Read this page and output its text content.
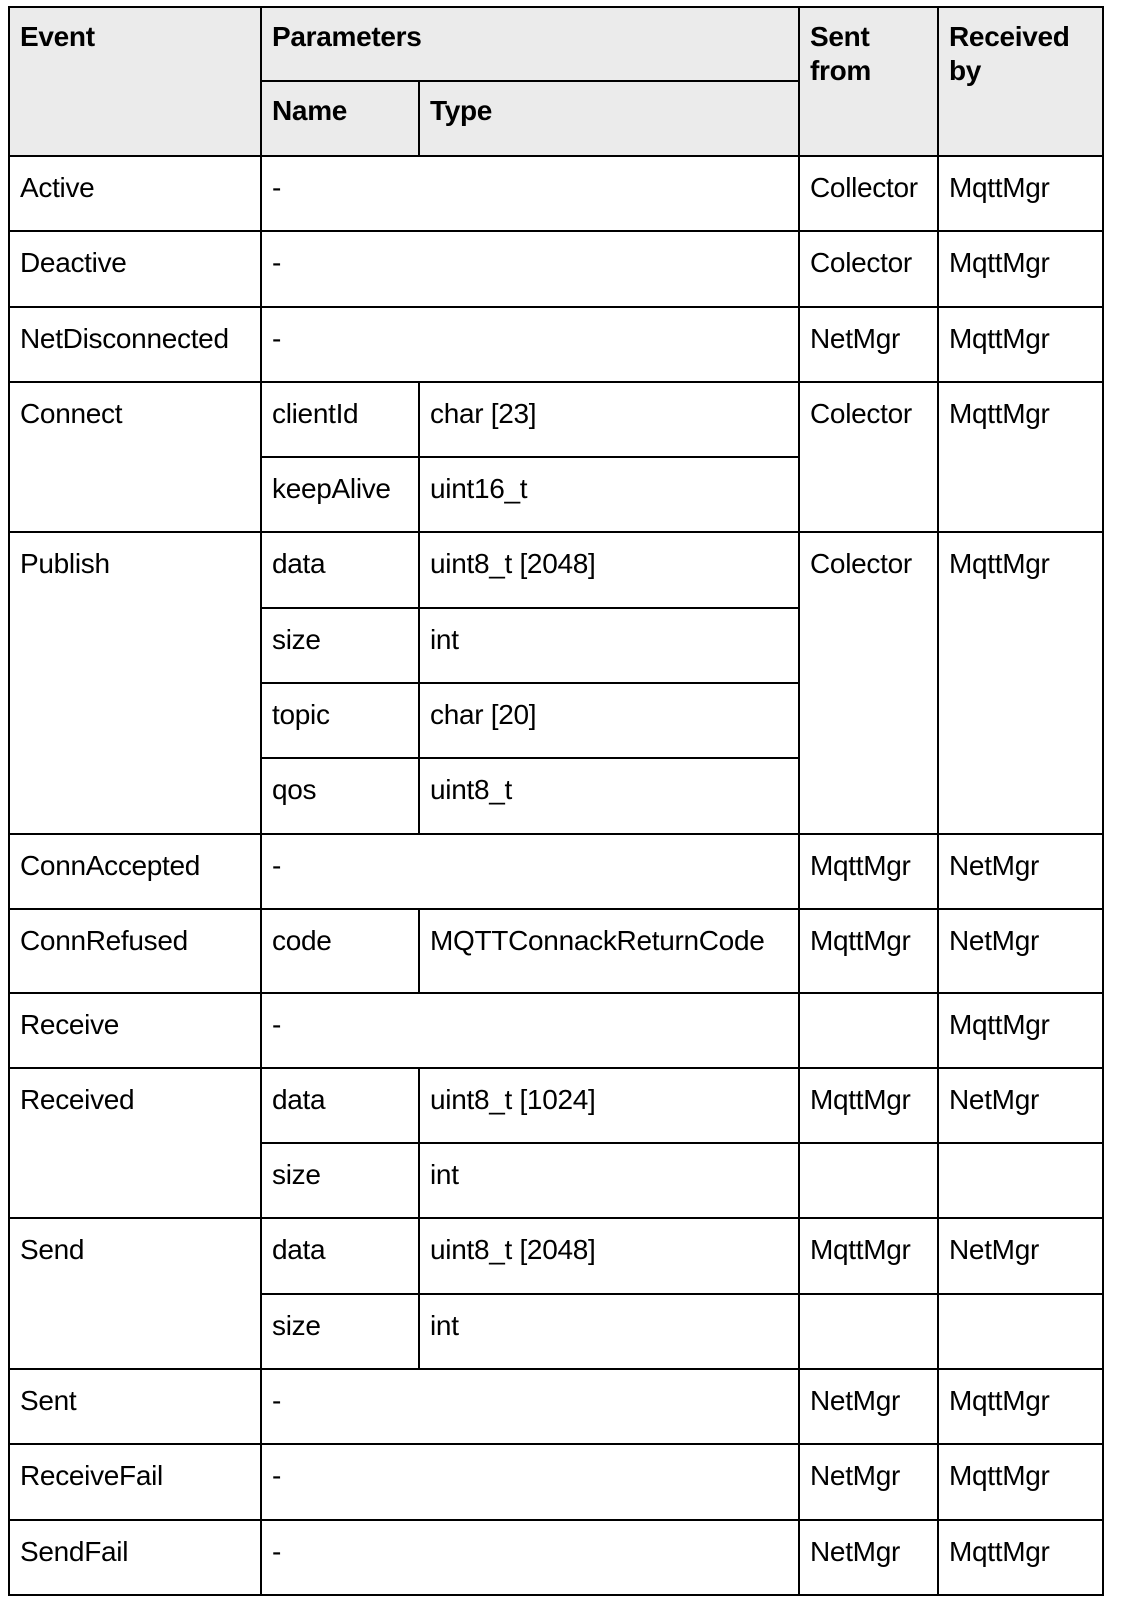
Event	Parameters		Sent from	Received by
	Name	Type		
Active	-		Collector	MqttMgr
Deactive	-		Colector	MqttMgr
NetDisconnected	-		NetMgr	MqttMgr
Connect	clientId	char [23]	Colector	MqttMgr
	keepAlive	uint16_t		
Publish	data	uint8_t [2048]	Colector	MqttMgr
	size	int		
	topic	char [20]		
	qos	uint8_t		
ConnAccepted	-		MqttMgr	NetMgr
ConnRefused	code	MQTTConnackReturnCode	MqttMgr	NetMgr
Receive	-			MqttMgr
Received	data	uint8_t [1024]	MqttMgr	NetMgr
	size	int		
Send	data	uint8_t [2048]	MqttMgr	NetMgr
	size	int		
Sent	-		NetMgr	MqttMgr
ReceiveFail	-		NetMgr	MqttMgr
SendFail	-		NetMgr	MqttMgr
